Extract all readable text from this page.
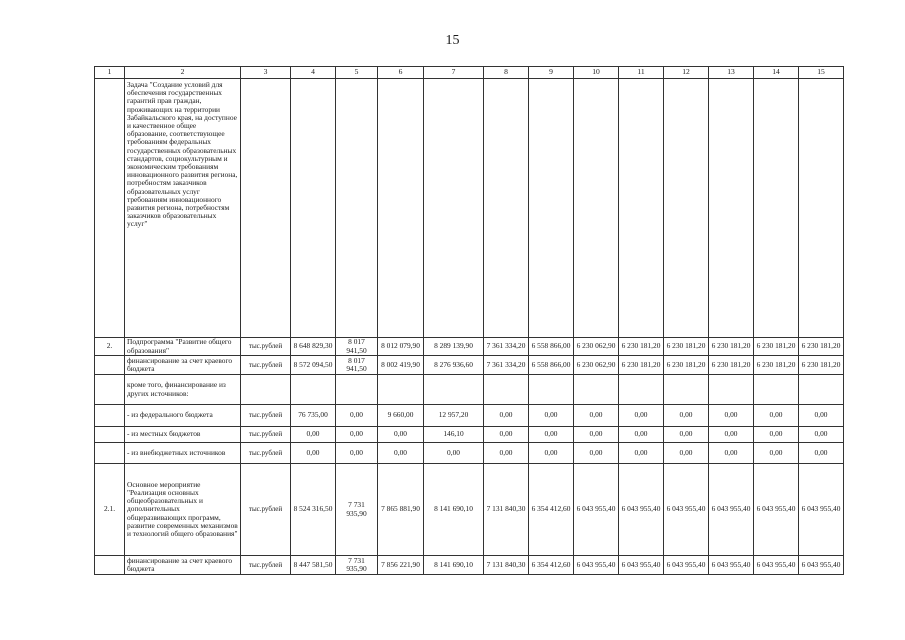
15
1	2	3	4	5	6	7	8	9	10	11	12	13	14	15
	Задача "Создание условий для обеспечения государственных гарантий прав граждан, проживающих на территории Забайкальского края, на доступное и качественное общее образование, соответствующее требованиям федеральных государственных образовательных стандартов, социокультурным и экономическим требованиям инновационного развития региона, потребностям заказчиков образовательных услуг требованиям инновационного развития региона, потребностям заказчиков образовательных услуг"													
2.	Подпрограмма "Развитие общего образования"	тыс.рублей	8 648 829,30	8 017 941,50	8 012 079,90	8 289 139,90	7 361 334,20	6 558 866,00	6 230 062,90	6 230 181,20	6 230 181,20	6 230 181,20	6 230 181,20	6 230 181,20
	финансирование за счет краевого бюджета	тыс.рублей	8 572 094,50	8 017 941,50	8 002 419,90	8 276 936,60	7 361 334,20	6 558 866,00	6 230 062,90	6 230 181,20	6 230 181,20	6 230 181,20	6 230 181,20	6 230 181,20
	кроме того, финансирование из других источников:													
	- из федерального бюджета	тыс.рублей	76 735,00	0,00	9 660,00	12 957,20	0,00	0,00	0,00	0,00	0,00	0,00	0,00	0,00
	- из местных бюджетов	тыс.рублей	0,00	0,00	0,00	146,10	0,00	0,00	0,00	0,00	0,00	0,00	0,00	0,00
	- из внебюджетных источников	тыс.рублей	0,00	0,00	0,00	0,00	0,00	0,00	0,00	0,00	0,00	0,00	0,00	0,00
2.1.	Основное мероприятие "Реализация основных общеобразовательных и дополнительных общеразвивающих программ, развитие современных механизмов и технологий общего образования"	тыс.рублей	8 524 316,50	7 731 935,90	7 865 881,90	8 141 690,10	7 131 840,30	6 354 412,60	6 043 955,40	6 043 955,40	6 043 955,40	6 043 955,40	6 043 955,40	6 043 955,40
	финансирование за счет краевого бюджета	тыс.рублей	8 447 581,50	7 731 935,90	7 856 221,90	8 141 690,10	7 131 840,30	6 354 412,60	6 043 955,40	6 043 955,40	6 043 955,40	6 043 955,40	6 043 955,40	6 043 955,40
